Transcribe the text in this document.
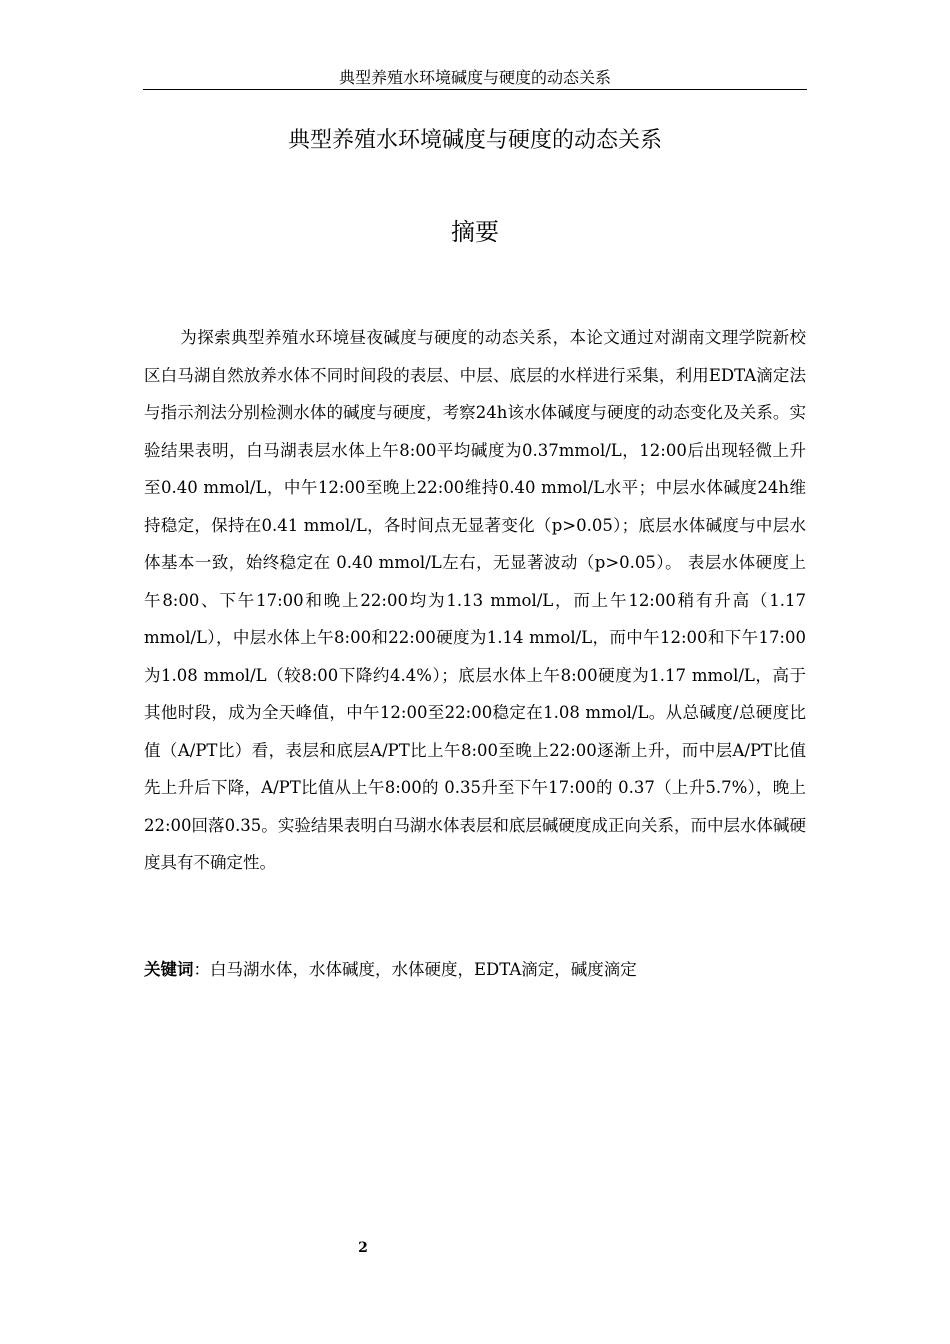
典型养殖水环境碱度与硬度的动态关系
典型养殖水环境碱度与硬度的动态关系
摘要

为探索典型养殖水环境昼夜碱度与硬度的动态关系，本论文通过对湖南文理学院新校区白马湖自然放养水体不同时间段的表层、中层、底层的水样进行采集，利用EDTA滴定法与指示剂法分别检测水体的碱度与硬度，考察24h该水体碱度与硬度的动态变化及关系。实验结果表明，白马湖表层水体上午8:00平均碱度为0.37mmol/L，12:00后出现轻微上升至0.40 mmol/L，中午12:00至晚上22:00维持0.40 mmol/L水平；中层水体碱度24h维持稳定，保持在0.41 mmol/L，各时间点无显著变化（p>0.05）；底层水体碱度与中层水体基本一致，始终稳定在 0.40 mmol/L左右，无显著波动（p>0.05）。 表层水体硬度上午8:00、下午17:00和晚上22:00均为1.13 mmol/L，而上午12:00稍有升高（1.17 mmol/L），中层水体上午8:00和22:00硬度为1.14 mmol/L，而中午12:00和下午17:00为1.08 mmol/L（较8:00下降约4.4%）；底层水体上午8:00硬度为1.17 mmol/L，高于其他时段，成为全天峰值，中午12:00至22:00稳定在1.08 mmol/L。从总碱度/总硬度比值（A/PT比）看，表层和底层A/PT比上午8:00至晚上22:00逐渐上升，而中层A/PT比值先上升后下降，A/PT比值从上午8:00的 0.35升至下午17:00的 0.37（上升5.7%），晚上22:00回落0.35。实验结果表明白马湖水体表层和底层碱硬度成正向关系，而中层水体碱硬度具有不确定性。

关键词：白马湖水体，水体碱度，水体硬度，EDTA滴定，碱度滴定

2
